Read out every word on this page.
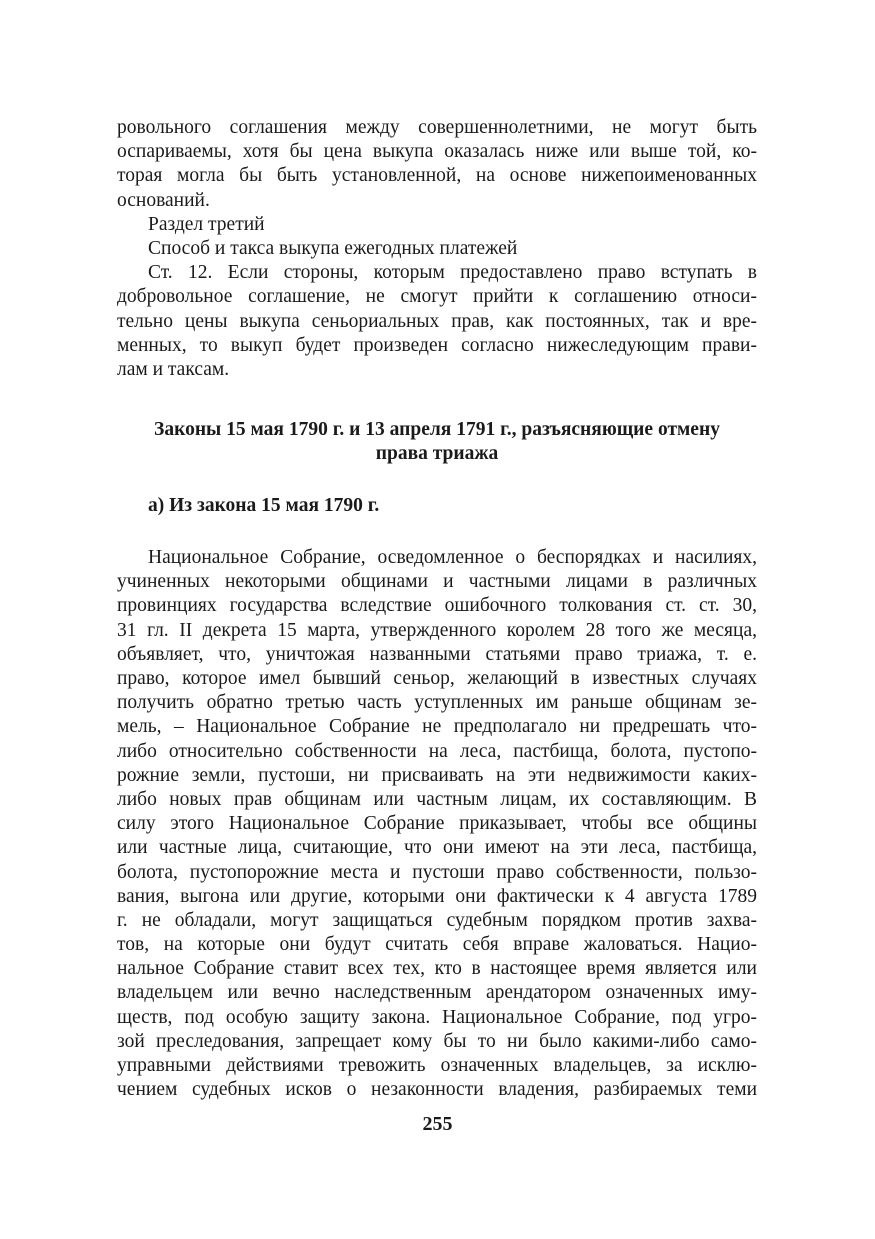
ровольного соглашения между совершеннолетними, не могут быть
оспариваемы, хотя бы цена выкупа оказалась ниже или выше той, ко-
торая могла бы быть установленной, на основе нижепоименованных
оснований.
Раздел третий
Способ и такса выкупа ежегодных платежей
Ст. 12. Если стороны, которым предоставлено право вступать в
добровольное соглашение, не смогут прийти к соглашению относи-
тельно цены выкупа сеньориальных прав, как постоянных, так и вре-
менных, то выкуп будет произведен согласно нижеследующим прави-
лам и таксам.
Законы 15 мая 1790 г. и 13 апреля 1791 г., разъясняющие отмену
права триажа
а) Из закона 15 мая 1790 г.
Национальное Собрание, осведомленное о беспорядках и насилиях,
учиненных некоторыми общинами и частными лицами в различных
провинциях государства вследствие ошибочного толкования ст. ст. 30,
31 гл. II декрета 15 марта, утвержденного королем 28 того же месяца,
объявляет, что, уничтожая названными статьями право триажа, т. е.
право, которое имел бывший сеньор, желающий в известных случаях
получить обратно третью часть уступленных им раньше общинам зе-
мель, – Национальное Собрание не предполагало ни предрешать что-
либо относительно собственности на леса, пастбища, болота, пустопо-
рожние земли, пустоши, ни присваивать на эти недвижимости каких-
либо новых прав общинам или частным лицам, их составляющим. В
силу этого Национальное Собрание приказывает, чтобы все общины
или частные лица, считающие, что они имеют на эти леса, пастбища,
болота, пустопорожние места и пустоши право собственности, пользо-
вания, выгона или другие, которыми они фактически к 4 августа 1789
г. не обладали, могут защищаться судебным порядком против захва-
тов, на которые они будут считать себя вправе жаловаться. Нацио-
нальное Собрание ставит всех тех, кто в настоящее время является или
владельцем или вечно наследственным арендатором означенных иму-
ществ, под особую защиту закона. Национальное Собрание, под угро-
зой преследования, запрещает кому бы то ни было какими-либо само-
управными действиями тревожить означенных владельцев, за исклю-
чением судебных исков о незаконности владения, разбираемых теми
255
